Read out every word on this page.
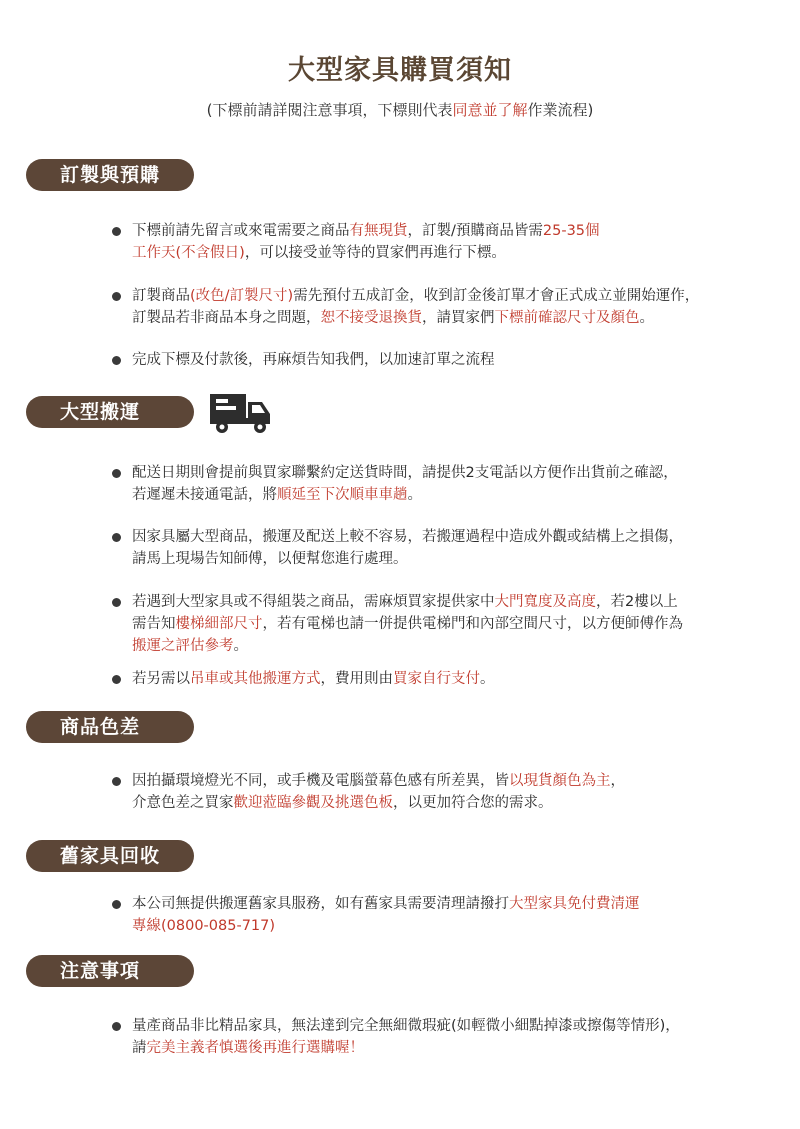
大型家具購買須知
(下標前請詳閱注意事項，下標則代表同意並了解作業流程)
訂製與預購
大型搬運
商品色差
舊家具回收
注意事項
下標前請先留言或來電需要之商品有無現貨，訂製/預購商品皆需25-35個
工作天(不含假日)，可以接受並等待的買家們再進行下標。
訂製商品(改色/訂製尺寸)需先預付五成訂金，收到訂金後訂單才會正式成立並開始運作，
訂製品若非商品本身之問題，恕不接受退換貨，請買家們下標前確認尺寸及顏色。
完成下標及付款後，再麻煩告知我們，以加速訂單之流程
配送日期則會提前與買家聯繫約定送貨時間，請提供2支電話以方便作出貨前之確認，
若遲遲未接通電話，將順延至下次順車車趟。
因家具屬大型商品，搬運及配送上較不容易，若搬運過程中造成外觀或結構上之損傷，
請馬上現場告知師傅，以便幫您進行處理。
若遇到大型家具或不得組裝之商品，需麻煩買家提供家中大門寬度及高度，若2樓以上
需告知樓梯細部尺寸，若有電梯也請一併提供電梯門和內部空間尺寸，以方便師傅作為
搬運之評估參考。
若另需以吊車或其他搬運方式，費用則由買家自行支付。
因拍攝環境燈光不同，或手機及電腦螢幕色感有所差異，皆以現貨顏色為主，
介意色差之買家歡迎蒞臨參觀及挑選色板，以更加符合您的需求。
本公司無提供搬運舊家具服務，如有舊家具需要清理請撥打大型家具免付費清運
專線(0800-085-717)
量產商品非比精品家具，無法達到完全無細微瑕疵(如輕微小細點掉漆或擦傷等情形)，
請完美主義者慎選後再進行選購喔！
